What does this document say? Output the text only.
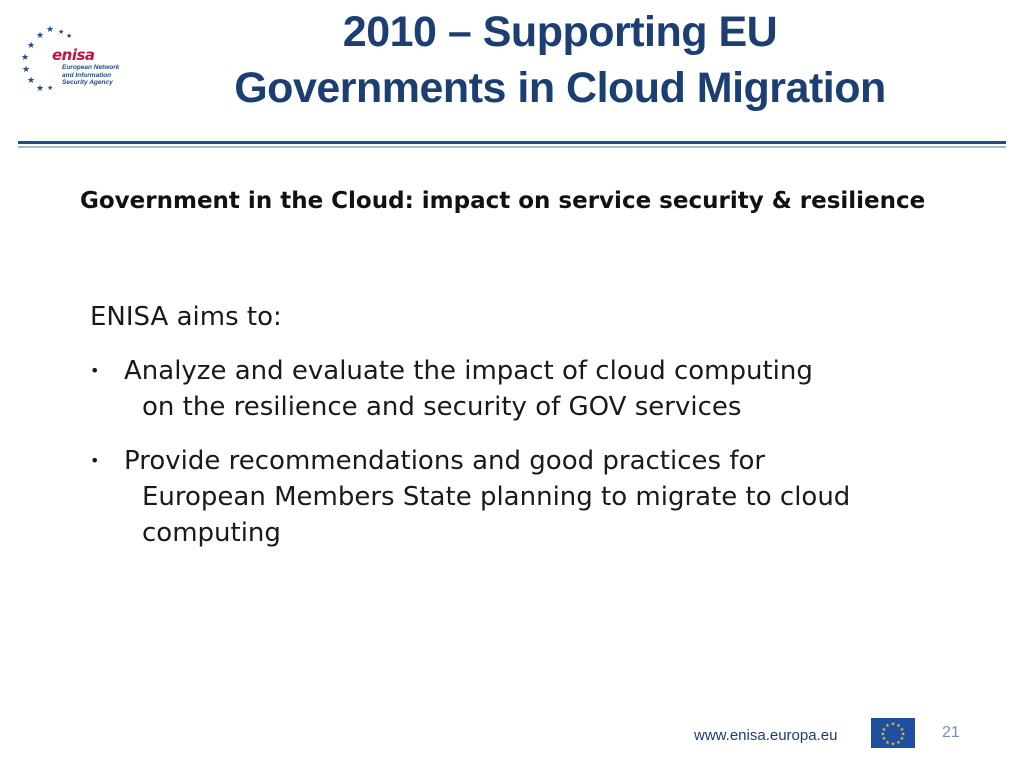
★
★
★
★
★
★
★
★ ★
★
enisa
European Network
and Information
Security Agency
2010 – Supporting EU
Governments in Cloud Migration
Government in the Cloud: impact on service security & resilience
ENISA aims to:
• Analyze and evaluate the impact of cloud computing
on the resilience and security of GOV services
• Provide recommendations and good practices for
European Members State planning to migrate to cloud computing
www.enisa.europa.eu
★ ★
★
★
★
★
★
★
★
★
★
★	21
